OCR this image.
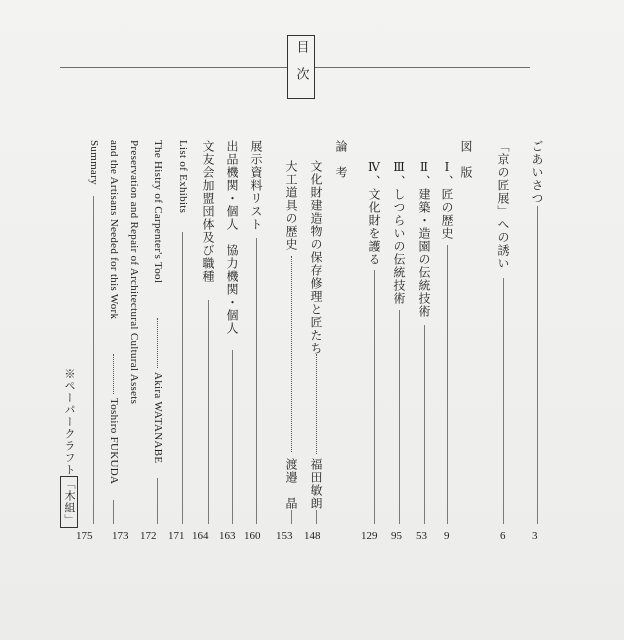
目次
ごあいさつ
3
「京の匠展」への誘い
6
図　版
Ⅰ、匠の歴史
9
Ⅱ、建築・造園の伝統技術
53
Ⅲ、しつらいの伝統技術
95
Ⅳ、文化財を護る
129
論　考
文化財建造物の保存修理と匠たち
福田敏朗
148
大工道具の歴史
渡邉　晶
153
展示資料リスト
160
出品機関・個人　協力機関・個人
163
文友会加盟団体及び職種
164
List of Exhibits
171
The Histry of Carpenter's Tool
Akira WATANABE
172
Preservation and Repair of Architectural Cultural Assets
and the Artisans Needed for this Work
Toshiro FUKUDA
173
Summary
175
※ペーパークラフト「木組」
